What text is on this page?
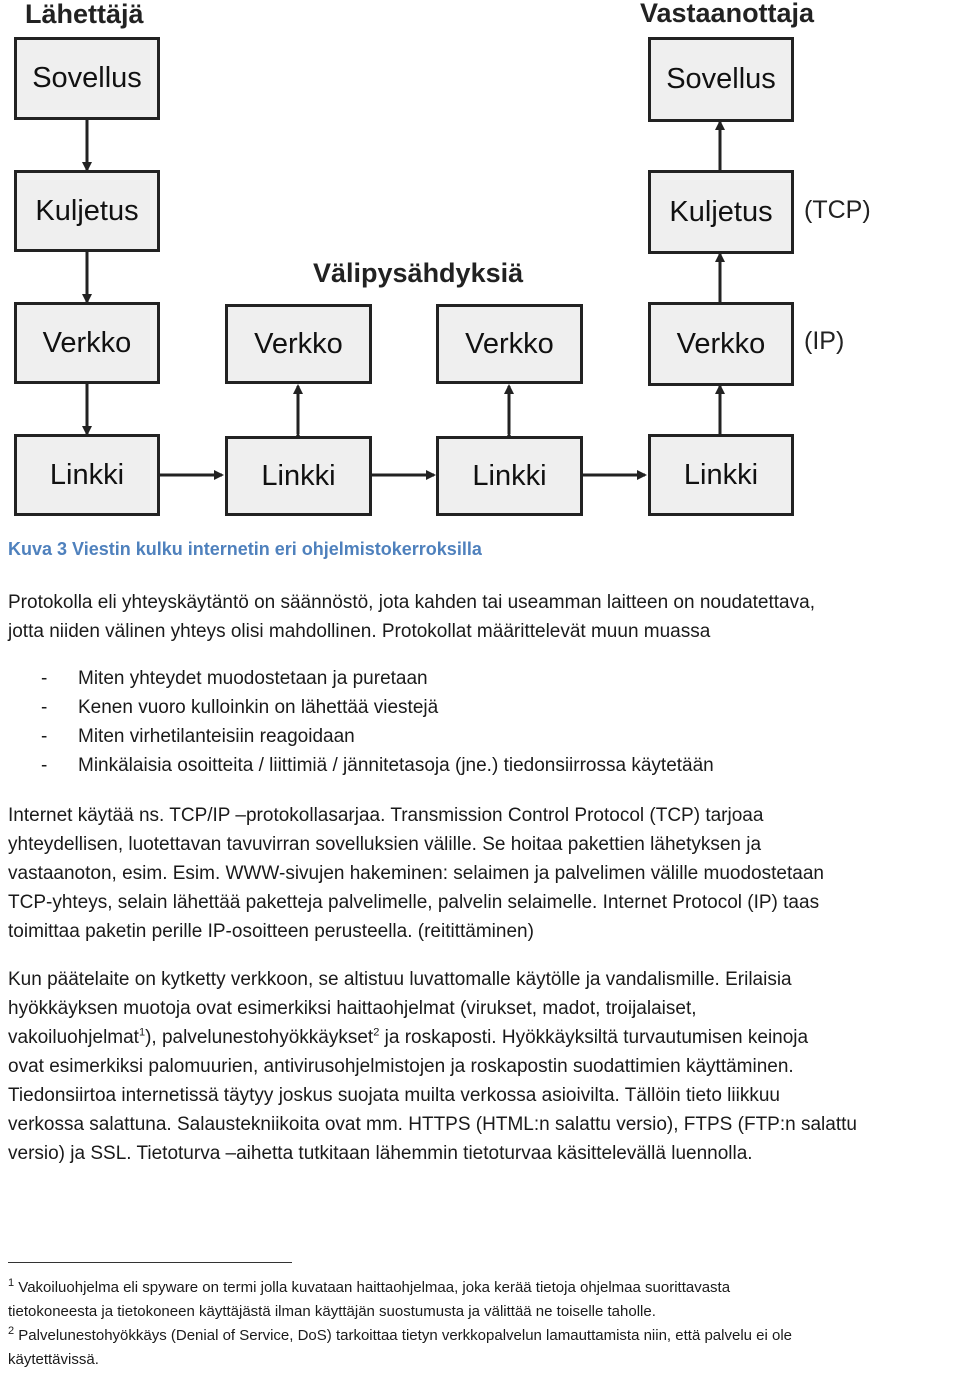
Lähettäjä	Vastaanottaja
Välipysähdyksiä
Sovellus
Kuljetus
Verkko
Linkki
Verkko
Linkki
Verkko
Linkki
Sovellus
Kuljetus
Verkko
Linkki
(TCP)
(IP)
Kuva 3 Viestin kulku internetin eri ohjelmistokerroksilla

Protokolla eli yhteyskäytäntö on säännöstö, jota kahden tai useamman laitteen on noudatettava,

jotta niiden välinen yhteys olisi mahdollinen. Protokollat määrittelevät muun muassa

-	Miten yhteydet muodostetaan ja puretaan
-	Kenen vuoro kulloinkin on lähettää viestejä
-	Miten virhetilanteisiin reagoidaan
-	Minkälaisia osoitteita / liittimiä / jännitetasoja (jne.) tiedonsiirrossa käytetään

Internet käytää ns. TCP/IP –protokollasarjaa. Transmission Control Protocol (TCP) tarjoaa

yhteydellisen, luotettavan tavuvirran sovelluksien välille. Se hoitaa pakettien lähetyksen ja

vastaanoton, esim. Esim. WWW-sivujen hakeminen: selaimen ja palvelimen välille muodostetaan

TCP-yhteys, selain lähettää paketteja palvelimelle, palvelin selaimelle. Internet Protocol (IP) taas

toimittaa paketin perille IP-osoitteen perusteella. (reitittäminen)

Kun päätelaite on kytketty verkkoon, se altistuu luvattomalle käytölle ja vandalismille. Erilaisia

hyökkäyksen muotoja ovat esimerkiksi haittaohjelmat (virukset, madot, troijalaiset,

vakoiluohjelmat$^1$), palvelunestohyökkäykset$^2$ ja roskaposti. Hyökkäyksiltä turvautumisen keinoja

ovat esimerkiksi palomuurien, antivirusohjelmistojen ja roskapostin suodattimien käyttäminen.

Tiedonsiirtoa internetissä täytyy joskus suojata muilta verkossa asioivilta. Tällöin tieto liikkuu

verkossa salattuna. Salaustekniikoita ovat mm. HTTPS (HTML:n salattu versio), FTPS (FTP:n salattu

versio) ja SSL. Tietoturva –aihetta tutkitaan lähemmin tietoturvaa käsittelevällä luennolla.

$^1$ Vakoiluohjelma eli spyware on termi jolla kuvataan haittaohjelmaa, joka kerää tietoja ohjelmaa suorittavasta

tietokoneesta ja tietokoneen käyttäjästä ilman käyttäjän suostumusta ja välittää ne toiselle taholle.

$^2$ Palvelunestohyökkäys (Denial of Service, DoS) tarkoittaa tietyn verkkopalvelun lamauttamista niin, että palvelu ei ole

käytettävissä.
